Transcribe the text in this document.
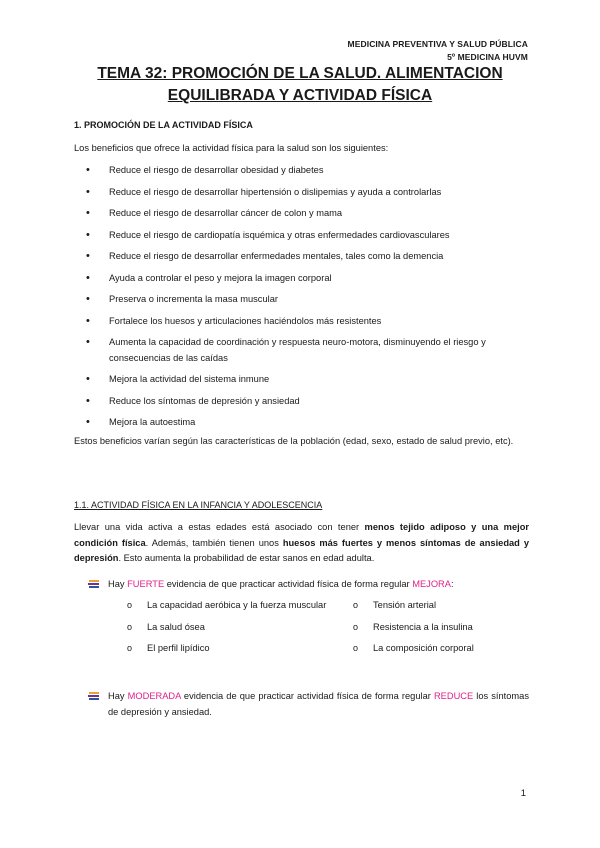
MEDICINA PREVENTIVA Y SALUD PÚBLICA
5º MEDICINA HUVM
TEMA 32: PROMOCIÓN DE LA SALUD. ALIMENTACION
EQUILIBRADA Y ACTIVIDAD FÍSICA
1. PROMOCIÓN DE LA ACTIVIDAD FÍSICA
Los beneficios que ofrece la actividad física para la salud son los siguientes:
• Reduce el riesgo de desarrollar obesidad y diabetes
• Reduce el riesgo de desarrollar hipertensión o dislipemias y ayuda a controlarlas
• Reduce el riesgo de desarrollar cáncer de colon y mama
• Reduce el riesgo de cardiopatía isquémica y otras enfermedades cardiovasculares
• Reduce el riesgo de desarrollar enfermedades mentales, tales como la demencia
• Ayuda a controlar el peso y mejora la imagen corporal
• Preserva o incrementa la masa muscular
• Fortalece los huesos y articulaciones haciéndolos más resistentes
• Aumenta la capacidad de coordinación y respuesta neuro-motora, disminuyendo el riesgo y consecuencias de las caídas
• Mejora la actividad del sistema inmune
• Reduce los síntomas de depresión y ansiedad
• Mejora la autoestima
Estos beneficios varían según las características de la población (edad, sexo, estado de salud previo, etc).
1.1. ACTIVIDAD FÍSICA EN LA INFANCIA Y ADOLESCENCIA
Llevar una vida activa a estas edades está asociado con tener menos tejido adiposo y una mejor condición física. Además, también tienen unos huesos más fuertes y menos síntomas de ansiedad y depresión. Esto aumenta la probabilidad de estar sanos en edad adulta.
Hay FUERTE evidencia de que practicar actividad física de forma regular MEJORA:
o La capacidad aeróbica y la fuerza muscular
o La salud ósea
o El perfil lipídico
o Tensión arterial
o Resistencia a la insulina
o La composición corporal
Hay MODERADA evidencia de que practicar actividad física de forma regular REDUCE los síntomas de depresión y ansiedad.
1
